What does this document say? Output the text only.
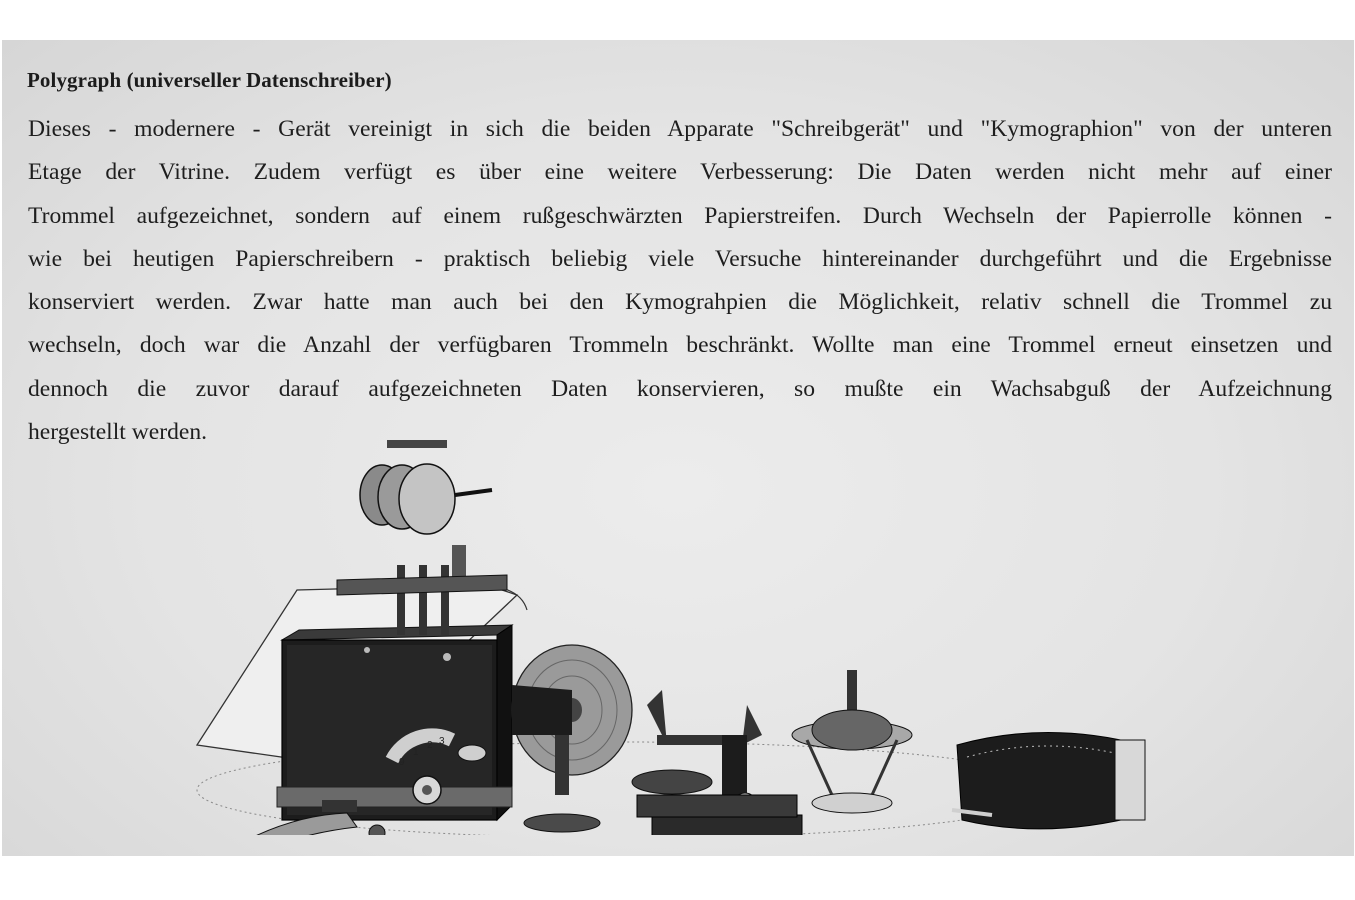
Polygraph (universeller Datenschreiber)
Dieses - modernere - Gerät vereinigt in sich die beiden Apparate "Schreibgerät" und "Kymographion" von der unteren
Etage der Vitrine. Zudem verfügt es über eine weitere Verbesserung: Die Daten werden nicht mehr auf einer
Trommel aufgezeichnet, sondern auf einem rußgeschwärzten Papierstreifen. Durch Wechseln der Papierrolle können -
wie bei heutigen Papierschreibern - praktisch beliebig viele Versuche hintereinander durchgeführt und die Ergebnisse
konserviert werden. Zwar hatte man auch bei den Kymograhpien die Möglichkeit, relativ schnell die Trommel zu
wechseln, doch war die Anzahl der verfügbaren Trommeln beschränkt. Wollte man eine Trommel erneut einsetzen und
dennoch die zuvor darauf aufgezeichneten Daten konservieren, so mußte ein Wachsabguß der Aufzeichnung
hergestellt werden.
9
1
2 3
